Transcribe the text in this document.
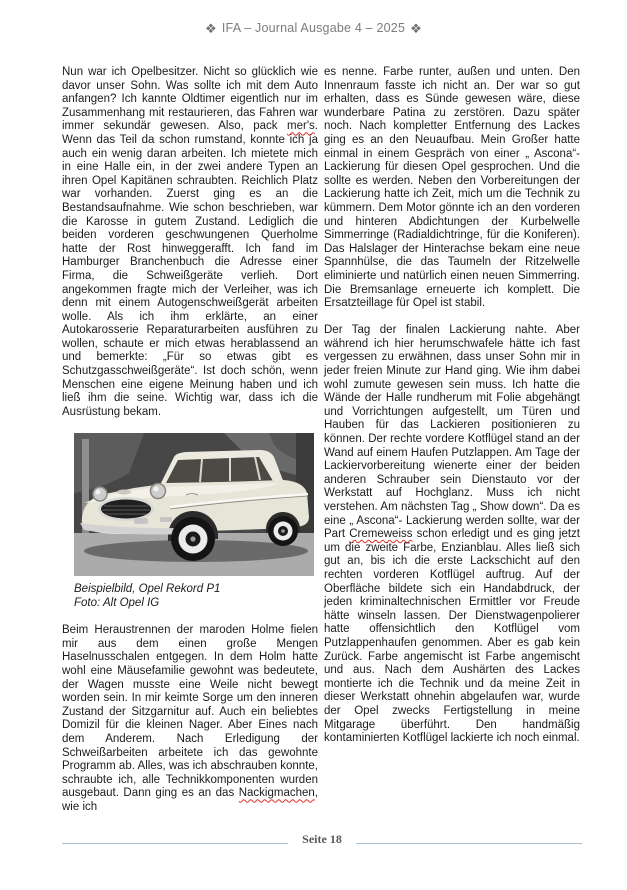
❖ IFA – Journal Ausgabe 4 – 2025 ❖

Nun war ich Opelbesitzer. Nicht so glücklich wie davor unser Sohn. Was sollte ich mit dem Auto anfangen? Ich kannte Oldtimer eigentlich nur im Zusammenhang mit restaurieren, das Fahren war immer sekundär gewesen. Also, pack mer's. Wenn das Teil da schon rumstand, konnte ich ja auch ein wenig daran arbeiten. Ich mietete mich in eine Halle ein, in der zwei andere Typen an ihren Opel Kapitänen schraubten. Reichlich Platz war vorhanden. Zuerst ging es an die Bestandsaufnahme. Wie schon beschrieben, war die Karosse in gutem Zustand. Lediglich die beiden vorderen geschwungenen Querholme hatte der Rost hinweggerafft. Ich fand im Hamburger Branchenbuch die Adresse einer Firma, die Schweißgeräte verlieh. Dort angekommen fragte mich der Verleiher, was ich denn mit einem Autogenschweißgerät arbeiten wolle. Als ich ihm erklärte, an einer Autokarosserie Reparaturarbeiten ausführen zu wollen, schaute er mich etwas herablassend an und bemerkte: „Für so etwas gibt es Schutzgasschweißgeräte“. Ist doch schön, wenn Menschen eine eigene Meinung haben und ich ließ ihm die seine. Wichtig war, dass ich die Ausrüstung bekam.

Beispielbild, Opel Rekord P1
Foto: Alt Opel IG

Beim Heraustrennen der maroden Holme fielen mir aus dem einen große Mengen Haselnusschalen entgegen. In dem Holm hatte wohl eine Mäusefamilie gewohnt was bedeutete, der Wagen musste eine Weile nicht bewegt worden sein. In mir keimte Sorge um den inneren Zustand der Sitzgarnitur auf. Auch ein beliebtes Domizil für die kleinen Nager. Aber Eines nach dem Anderem. Nach Erledigung der Schweißarbeiten arbeitete ich das gewohnte Programm ab. Alles, was ich abschrauben konnte, schraubte ich, alle Technikkomponenten wurden ausgebaut. Dann ging es an das Nackigmachen, wie ich

es nenne. Farbe runter, außen und unten. Den Innenraum fasste ich nicht an. Der war so gut erhalten, dass es Sünde gewesen wäre, diese wunderbare Patina zu zerstören. Dazu später noch. Nach kompletter Entfernung des Lackes ging es an den Neuaufbau. Mein Großer hatte einmal in einem Gespräch von einer „ Ascona“- Lackierung für diesen Opel gesprochen. Und die sollte es werden. Neben den Vorbereitungen der Lackierung hatte ich Zeit, mich um die Technik zu kümmern. Dem Motor gönnte ich an den vorderen und hinteren Abdichtungen der Kurbelwelle Simmerringe (Radialdichtringe, für die Koniferen). Das Halslager der Hinterachse bekam eine neue Spannhülse, die das Taumeln der Ritzelwelle eliminierte und natürlich einen neuen Simmerring. Die Bremsanlage erneuerte ich komplett. Die Ersatzteillage für Opel ist stabil.

Der Tag der finalen Lackierung nahte. Aber während ich hier herumschwafele hätte ich fast vergessen zu erwähnen, dass unser Sohn mir in jeder freien Minute zur Hand ging. Wie ihm dabei wohl zumute gewesen sein muss. Ich hatte die Wände der Halle rundherum mit Folie abgehängt und Vorrichtungen aufgestellt, um Türen und Hauben für das Lackieren positionieren zu können. Der rechte vordere Kotflügel stand an der Wand auf einem Haufen Putzlappen. Am Tage der Lackiervorbereitung wienerte einer der beiden anderen Schrauber sein Dienstauto vor der Werkstatt auf Hochglanz. Muss ich nicht verstehen. Am nächsten Tag „ Show down“. Da es eine „ Ascona“- Lackierung werden sollte, war der Part Cremeweiss schon erledigt und es ging jetzt um die zweite Farbe, Enzianblau. Alles ließ sich gut an, bis ich die erste Lackschicht auf den rechten vorderen Kotflügel auftrug. Auf der Oberfläche bildete sich ein Handabdruck, der jeden kriminaltechnischen Ermittler vor Freude hätte winseln lassen. Der Dienstwagenpolierer hatte offensichtlich den Kotflügel vom Putzlappenhaufen genommen. Aber es gab kein Zurück. Farbe angemischt ist Farbe angemischt und aus. Nach dem Aushärten des Lackes montierte ich die Technik und da meine Zeit in dieser Werkstatt ohnehin abgelaufen war, wurde der Opel zwecks Fertigstellung in meine Mitgarage überführt. Den handmäßig kontaminierten Kotflügel lackierte ich noch einmal.

Seite 18
